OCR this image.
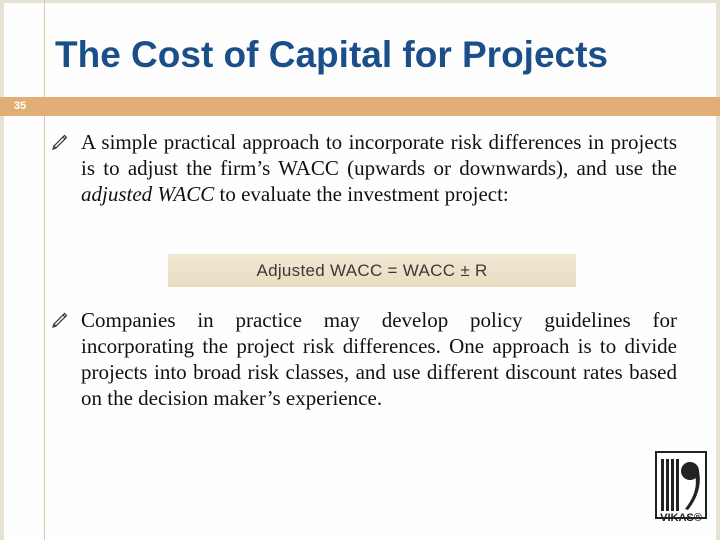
The Cost of Capital for Projects
35
A simple practical approach to incorporate risk differences in projects is to adjust the firm’s WACC (upwards or downwards), and use the adjusted WACC to evaluate the investment project:
Adjusted WACC = WACC ± R
Companies in practice may develop policy guidelines for incorporating the project risk differences. One approach is to divide projects into broad risk classes, and use different discount rates based on the decision maker’s experience.
VIKAS®
